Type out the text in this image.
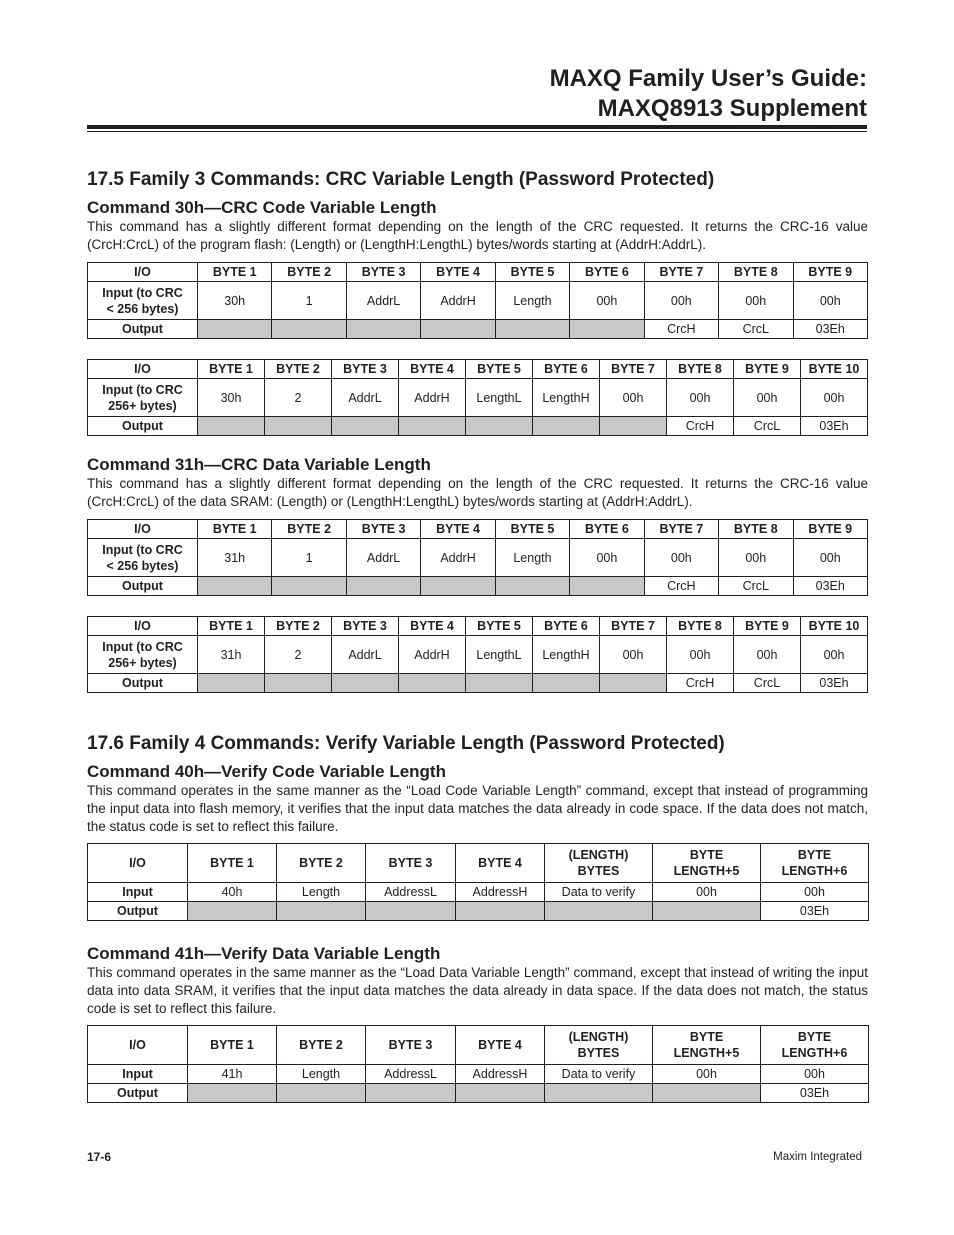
MAXQ Family User’s Guide:
MAXQ8913 Supplement
17.5 Family 3 Commands: CRC Variable Length (Password Protected)
Command 30h—CRC Code Variable Length

This command has a slightly different format depending on the length of the CRC requested. It returns the CRC-16 value (CrcH:CrcL) of the program flash: (Length) or (LengthH:LengthL) bytes/words starting at (AddrH:AddrL).

I/O	BYTE 1	BYTE 2	BYTE 3	BYTE 4	BYTE 5	BYTE 6	BYTE 7	BYTE 8	BYTE 9
Input (to CRC
< 256 bytes)	30h	1	AddrL	AddrH	Length	00h	00h	00h	00h
Output							CrcH	CrcL	03Eh
I/O	BYTE 1	BYTE 2	BYTE 3	BYTE 4	BYTE 5	BYTE 6	BYTE 7	BYTE 8	BYTE 9	BYTE 10
Input (to CRC
256+ bytes)	30h	2	AddrL	AddrH	LengthL	LengthH	00h	00h	00h	00h
Output								CrcH	CrcL	03Eh
Command 31h—CRC Data Variable Length

This command has a slightly different format depending on the length of the CRC requested. It returns the CRC-16 value (CrcH:CrcL) of the data SRAM: (Length) or (LengthH:LengthL) bytes/words starting at (AddrH:AddrL).

I/O	BYTE 1	BYTE 2	BYTE 3	BYTE 4	BYTE 5	BYTE 6	BYTE 7	BYTE 8	BYTE 9
Input (to CRC
< 256 bytes)	31h	1	AddrL	AddrH	Length	00h	00h	00h	00h
Output							CrcH	CrcL	03Eh
I/O	BYTE 1	BYTE 2	BYTE 3	BYTE 4	BYTE 5	BYTE 6	BYTE 7	BYTE 8	BYTE 9	BYTE 10
Input (to CRC
256+ bytes)	31h	2	AddrL	AddrH	LengthL	LengthH	00h	00h	00h	00h
Output								CrcH	CrcL	03Eh
17.6 Family 4 Commands: Verify Variable Length (Password Protected)
Command 40h—Verify Code Variable Length

This command operates in the same manner as the “Load Code Variable Length” command, except that instead of programming the input data into flash memory, it verifies that the input data matches the data already in code space. If the data does not match, the status code is set to reflect this failure.

I/O	BYTE 1	BYTE 2	BYTE 3	BYTE 4	(LENGTH)
BYTES	BYTE
LENGTH+5	BYTE
LENGTH+6
Input	40h	Length	AddressL	AddressH	Data to verify	00h	00h
Output							03Eh
Command 41h—Verify Data Variable Length

This command operates in the same manner as the “Load Data Variable Length” command, except that instead of writing the input data into data SRAM, it verifies that the input data matches the data already in data space. If the data does not match, the status code is set to reflect this failure.

I/O	BYTE 1	BYTE 2	BYTE 3	BYTE 4	(LENGTH)
BYTES	BYTE
LENGTH+5	BYTE
LENGTH+6
Input	41h	Length	AddressL	AddressH	Data to verify	00h	00h
Output							03Eh
17-6	Maxim Integrated
